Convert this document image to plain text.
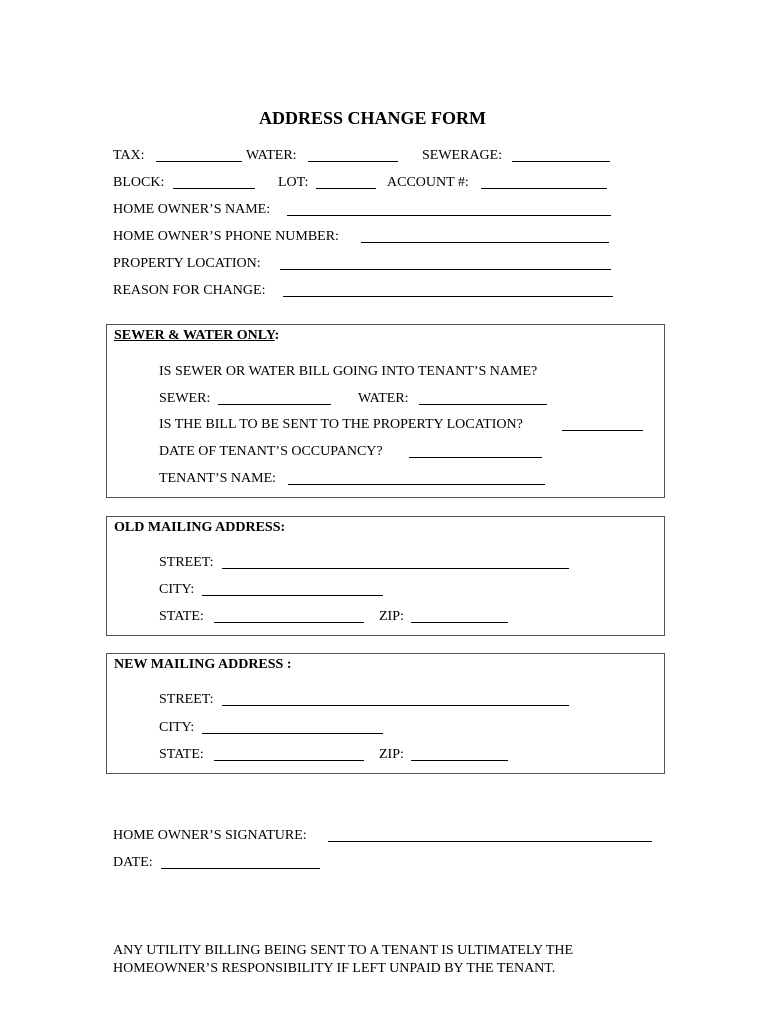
ADDRESS CHANGE FORM
TAX:	WATER:	SEWERAGE:
BLOCK:	LOT:	ACCOUNT #:
HOME OWNER’S NAME:
HOME OWNER’S PHONE NUMBER:
PROPERTY LOCATION:
REASON FOR CHANGE:
SEWER & WATER ONLY:
IS SEWER OR WATER BILL GOING INTO TENANT’S NAME?
SEWER:	WATER:
IS THE BILL TO BE SENT TO THE PROPERTY LOCATION?
DATE OF TENANT’S OCCUPANCY?
TENANT’S NAME:
OLD MAILING ADDRESS:
STREET:
CITY:
STATE:	ZIP:
NEW MAILING ADDRESS :
STREET:
CITY:
STATE:	ZIP:
HOME OWNER’S SIGNATURE:
DATE:
ANY UTILITY BILLING BEING SENT TO A TENANT IS ULTIMATELY THE
HOMEOWNER’S RESPONSIBILITY IF LEFT UNPAID BY THE TENANT.
